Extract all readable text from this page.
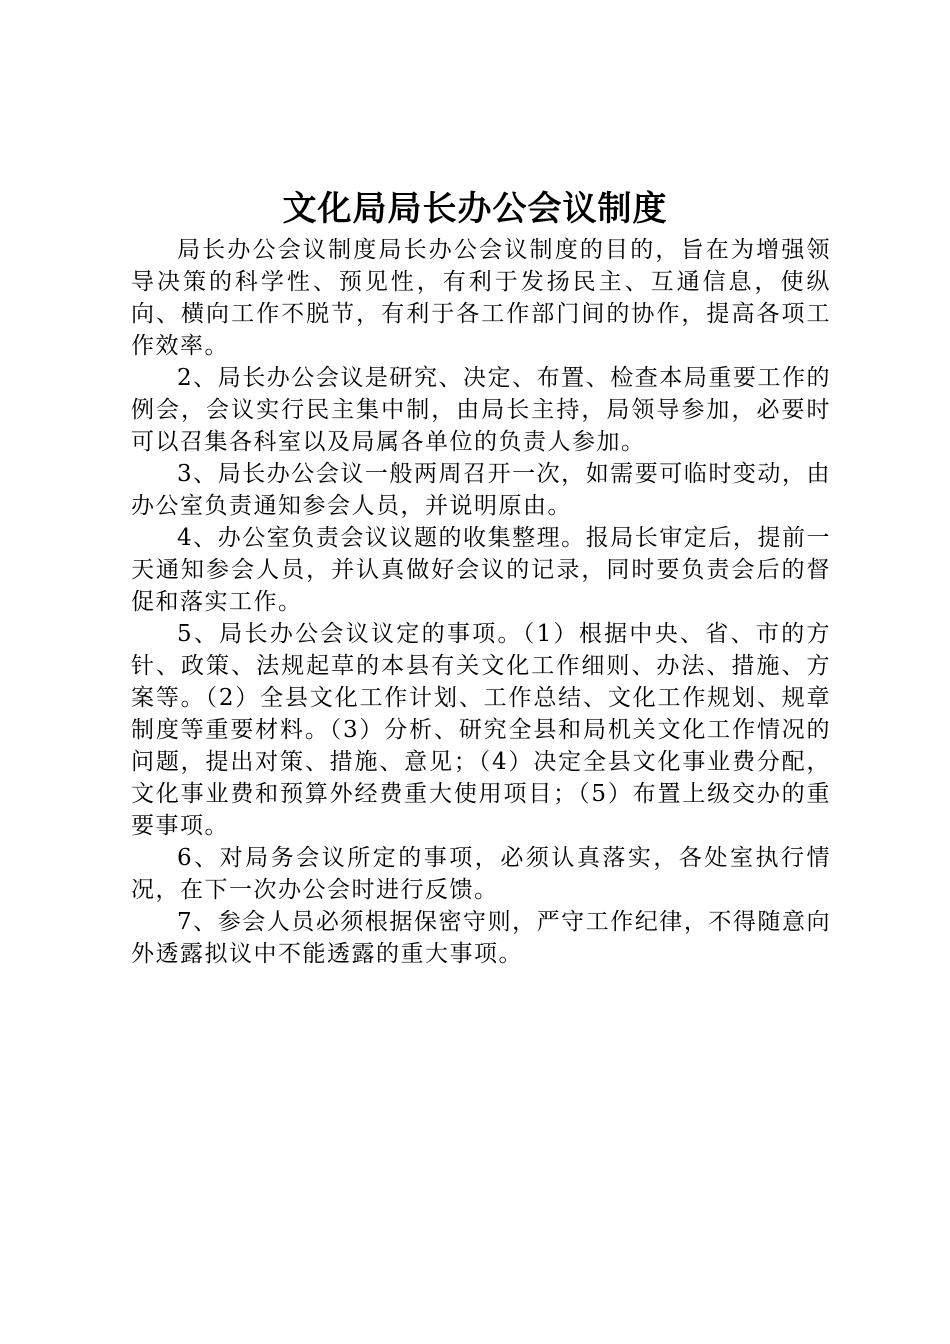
文化局局长办公会议制度

局长办公会议制度局长办公会议制度的目的，旨在为增强领导决策的科学性、预见性，有利于发扬民主、互通信息，使纵向、横向工作不脱节，有利于各工作部门间的协作，提高各项工作效率。

2、局长办公会议是研究、决定、布置、检查本局重要工作的例会，会议实行民主集中制，由局长主持，局领导参加，必要时可以召集各科室以及局属各单位的负责人参加。

3、局长办公会议一般两周召开一次，如需要可临时变动，由办公室负责通知参会人员，并说明原由。

4、办公室负责会议议题的收集整理。报局长审定后，提前一天通知参会人员，并认真做好会议的记录，同时要负责会后的督促和落实工作。

5、局长办公会议议定的事项。（1）根据中央、省、市的方针、政策、法规起草的本县有关文化工作细则、办法、措施、方案等。（2）全县文化工作计划、工作总结、文化工作规划、规章制度等重要材料。（3）分析、研究全县和局机关文化工作情况的问题，提出对策、措施、意见；（4）决定全县文化事业费分配，文化事业费和预算外经费重大使用项目；（5）布置上级交办的重要事项。

6、对局务会议所定的事项，必须认真落实，各处室执行情况，在下一次办公会时进行反馈。

7、参会人员必须根据保密守则，严守工作纪律，不得随意向外透露拟议中不能透露的重大事项。
